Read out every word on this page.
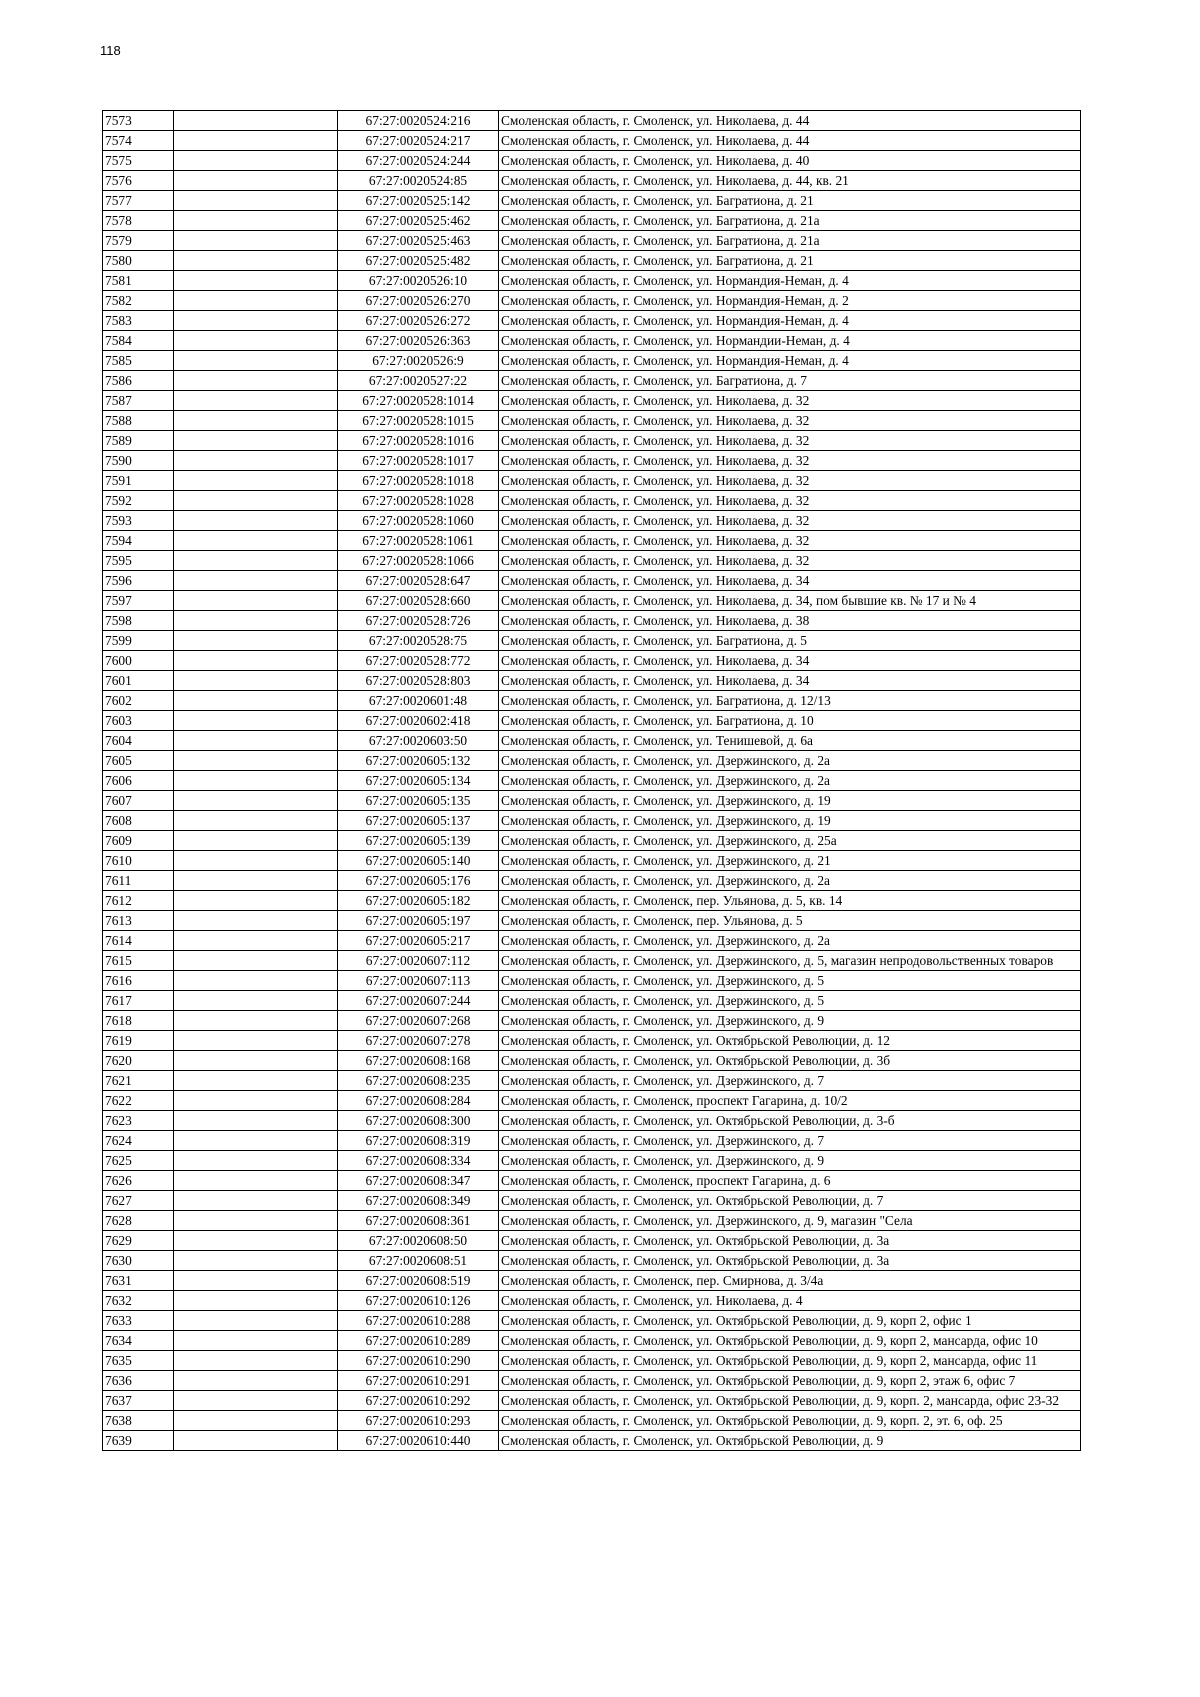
118
7573		67:27:0020524:216	Смоленская область, г. Смоленск, ул. Николаева, д. 44
7574		67:27:0020524:217	Смоленская область, г. Смоленск, ул. Николаева, д. 44
7575		67:27:0020524:244	Смоленская область, г. Смоленск, ул. Николаева, д. 40
7576		67:27:0020524:85	Смоленская область, г. Смоленск, ул. Николаева, д. 44, кв. 21
7577		67:27:0020525:142	Смоленская область, г. Смоленск, ул. Багратиона, д. 21
7578		67:27:0020525:462	Смоленская область, г. Смоленск, ул. Багратиона, д. 21а
7579		67:27:0020525:463	Смоленская область, г. Смоленск, ул. Багратиона, д. 21а
7580		67:27:0020525:482	Смоленская область, г. Смоленск, ул. Багратиона, д. 21
7581		67:27:0020526:10	Смоленская область, г. Смоленск, ул. Нормандия-Неман, д. 4
7582		67:27:0020526:270	Смоленская область, г. Смоленск, ул. Нормандия-Неман, д. 2
7583		67:27:0020526:272	Смоленская область, г. Смоленск, ул. Нормандия-Неман, д. 4
7584		67:27:0020526:363	Смоленская область, г. Смоленск, ул. Нормандии-Неман, д. 4
7585		67:27:0020526:9	Смоленская область, г. Смоленск, ул. Нормандия-Неман, д. 4
7586		67:27:0020527:22	Смоленская область, г. Смоленск, ул. Багратиона, д. 7
7587		67:27:0020528:1014	Смоленская область, г. Смоленск, ул. Николаева, д. 32
7588		67:27:0020528:1015	Смоленская область, г. Смоленск, ул. Николаева, д. 32
7589		67:27:0020528:1016	Смоленская область, г. Смоленск, ул. Николаева, д. 32
7590		67:27:0020528:1017	Смоленская область, г. Смоленск, ул. Николаева, д. 32
7591		67:27:0020528:1018	Смоленская область, г. Смоленск, ул. Николаева, д. 32
7592		67:27:0020528:1028	Смоленская область, г. Смоленск, ул. Николаева, д. 32
7593		67:27:0020528:1060	Смоленская область, г. Смоленск, ул. Николаева, д. 32
7594		67:27:0020528:1061	Смоленская область, г. Смоленск, ул. Николаева, д. 32
7595		67:27:0020528:1066	Смоленская область, г. Смоленск, ул. Николаева, д. 32
7596		67:27:0020528:647	Смоленская область, г. Смоленск, ул. Николаева, д. 34
7597		67:27:0020528:660	Смоленская область, г. Смоленск, ул. Николаева, д. 34, пом бывшие кв. № 17 и № 4
7598		67:27:0020528:726	Смоленская область, г. Смоленск, ул. Николаева, д. 38
7599		67:27:0020528:75	Смоленская область, г. Смоленск, ул. Багратиона, д. 5
7600		67:27:0020528:772	Смоленская область, г. Смоленск, ул. Николаева, д. 34
7601		67:27:0020528:803	Смоленская область, г. Смоленск, ул. Николаева, д. 34
7602		67:27:0020601:48	Смоленская область, г. Смоленск, ул. Багратиона, д. 12/13
7603		67:27:0020602:418	Смоленская область, г. Смоленск, ул. Багратиона, д. 10
7604		67:27:0020603:50	Смоленская область, г. Смоленск, ул. Тенишевой, д. 6а
7605		67:27:0020605:132	Смоленская область, г. Смоленск, ул. Дзержинского, д. 2а
7606		67:27:0020605:134	Смоленская область, г. Смоленск, ул. Дзержинского, д. 2а
7607		67:27:0020605:135	Смоленская область, г. Смоленск, ул. Дзержинского, д. 19
7608		67:27:0020605:137	Смоленская область, г. Смоленск, ул. Дзержинского, д. 19
7609		67:27:0020605:139	Смоленская область, г. Смоленск, ул. Дзержинского, д. 25а
7610		67:27:0020605:140	Смоленская область, г. Смоленск, ул. Дзержинского, д. 21
7611		67:27:0020605:176	Смоленская область, г. Смоленск, ул. Дзержинского, д. 2а
7612		67:27:0020605:182	Смоленская область, г. Смоленск, пер. Ульянова, д. 5, кв. 14
7613		67:27:0020605:197	Смоленская область, г. Смоленск, пер. Ульянова, д. 5
7614		67:27:0020605:217	Смоленская область, г. Смоленск, ул. Дзержинского, д. 2а
7615		67:27:0020607:112	Смоленская область, г. Смоленск, ул. Дзержинского, д. 5, магазин непродовольственных товаров
7616		67:27:0020607:113	Смоленская область, г. Смоленск, ул. Дзержинского, д. 5
7617		67:27:0020607:244	Смоленская область, г. Смоленск, ул. Дзержинского, д. 5
7618		67:27:0020607:268	Смоленская область, г. Смоленск, ул. Дзержинского, д. 9
7619		67:27:0020607:278	Смоленская область, г. Смоленск, ул. Октябрьской Революции, д. 12
7620		67:27:0020608:168	Смоленская область, г. Смоленск, ул. Октябрьской Революции, д. 3б
7621		67:27:0020608:235	Смоленская область, г. Смоленск, ул. Дзержинского, д. 7
7622		67:27:0020608:284	Смоленская область, г. Смоленск, проспект Гагарина, д. 10/2
7623		67:27:0020608:300	Смоленская область, г. Смоленск, ул. Октябрьской Революции, д. 3-б
7624		67:27:0020608:319	Смоленская область, г. Смоленск, ул. Дзержинского, д. 7
7625		67:27:0020608:334	Смоленская область, г. Смоленск, ул. Дзержинского, д. 9
7626		67:27:0020608:347	Смоленская область, г. Смоленск, проспект Гагарина, д. 6
7627		67:27:0020608:349	Смоленская область, г. Смоленск, ул. Октябрьской Революции, д. 7
7628		67:27:0020608:361	Смоленская область, г. Смоленск, ул. Дзержинского, д. 9, магазин "Села
7629		67:27:0020608:50	Смоленская область, г. Смоленск, ул. Октябрьской Революции, д. 3а
7630		67:27:0020608:51	Смоленская область, г. Смоленск, ул. Октябрьской Революции, д. 3а
7631		67:27:0020608:519	Смоленская область, г. Смоленск, пер. Смирнова, д. 3/4а
7632		67:27:0020610:126	Смоленская область, г. Смоленск, ул. Николаева, д. 4
7633		67:27:0020610:288	Смоленская область, г. Смоленск, ул. Октябрьской Революции, д. 9, корп 2, офис 1
7634		67:27:0020610:289	Смоленская область, г. Смоленск, ул. Октябрьской Революции, д. 9, корп 2, мансарда, офис 10
7635		67:27:0020610:290	Смоленская область, г. Смоленск, ул. Октябрьской Революции, д. 9, корп 2, мансарда, офис 11
7636		67:27:0020610:291	Смоленская область, г. Смоленск, ул. Октябрьской Революции, д. 9, корп 2, этаж 6, офис 7
7637		67:27:0020610:292	Смоленская область, г. Смоленск, ул. Октябрьской Революции, д. 9, корп. 2, мансарда, офис 23-32
7638		67:27:0020610:293	Смоленская область, г. Смоленск, ул. Октябрьской Революции, д. 9, корп. 2, эт. 6, оф. 25
7639		67:27:0020610:440	Смоленская область, г. Смоленск, ул. Октябрьской Революции, д. 9
